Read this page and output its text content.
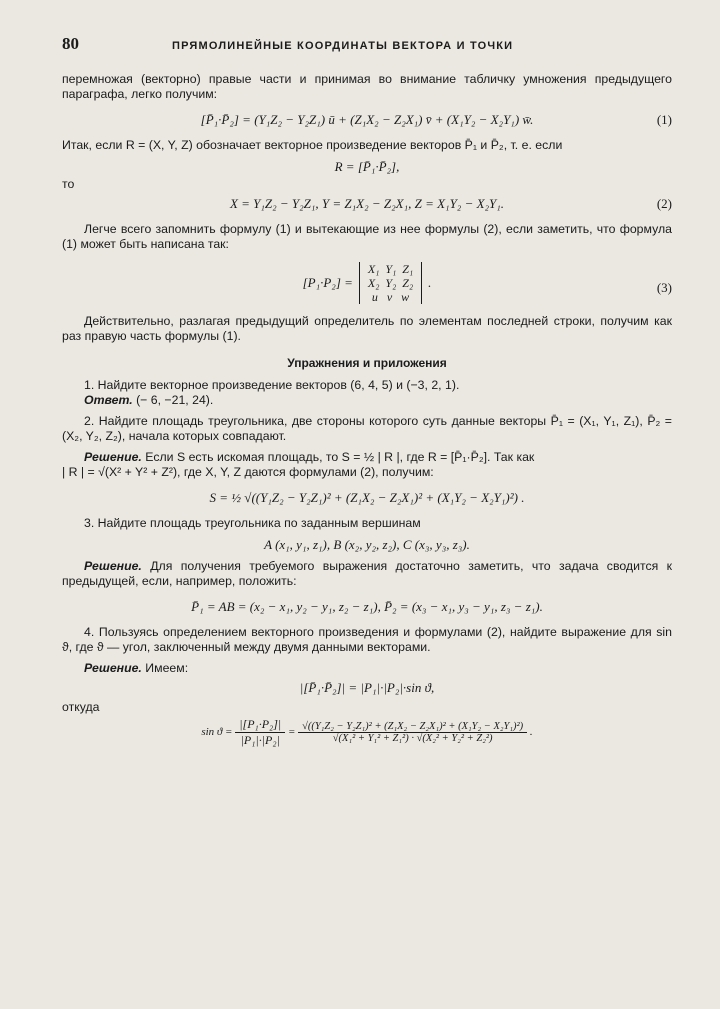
80	ПРЯМОЛИНЕЙНЫЕ КООРДИНАТЫ ВЕКТОРА И ТОЧКИ

перемножая (векторно) правые части и принимая во внимание табличку умножения предыдущего параграфа, легко получим:

[P̄₁·P̄₂] = (Y₁Z₂ − Y₂Z₁) ū + (Z₁X₂ − Z₂X₁) v̄ + (X₁Y₂ − X₂Y₁) w̄.	(1)

Итак, если R = (X, Y, Z) обозначает векторное произведение векторов P̄₁ и P̄₂, т. е. если

R = [P̄₁·P̄₂],

то

X = Y₁Z₂ − Y₂Z₁, Y = Z₁X₂ − Z₂X₁, Z = X₁Y₂ − X₂Y₁.	(2)

Легче всего запомнить формулу (1) и вытекающие из нее формулы (2), если заметить, что формула (1) может быть написана так:

[P₁·P₂] =
X₁ Y₁ Z₁
X₂ Y₂ Z₂
u v w
.	(3)

Действительно, разлагая предыдущий определитель по элементам последней строки, получим как раз правую часть формулы (1).

Упражнения и приложения

1. Найдите векторное произведение векторов (6, 4, 5) и (−3, 2, 1).

Ответ. (− 6, −21, 24).

2. Найдите площадь треугольника, две стороны которого суть данные векторы P̄₁ = (X₁, Y₁, Z₁), P̄₂ = (X₂, Y₂, Z₂), начала которых совпадают.

Решение. Если S есть искомая площадь, то S = ½ | R |, где R = [P̄₁·P̄₂]. Так как

| R | = √(X² + Y² + Z²), где X, Y, Z даются формулами (2), получим:

S = ½ √((Y₁Z₂ − Y₂Z₁)² + (Z₁X₂ − Z₂X₁)² + (X₁Y₂ − X₂Y₁)²) .

3. Найдите площадь треугольника по заданным вершинам

A (x₁, y₁, z₁), B (x₂, y₂, z₂), C (x₃, y₃, z₃).

Решение. Для получения требуемого выражения достаточно заметить, что задача сводится к предыдущей, если, например, положить:

P̄₁ = AB = (x₂ − x₁, y₂ − y₁, z₂ − z₁), P̄₂ = (x₃ − x₁, y₃ − y₁, z₃ − z₁).

4. Пользуясь определением векторного произведения и формулами (2), найдите выражение для sin ϑ, где ϑ — угол, заключенный между двумя данными векторами.

Решение. Имеем:

|[P̄₁·P̄₂]| = |P₁|·|P₂|·sin ϑ,

откуда

$\sin ϑ = \frac{\text{|[P₁·P₂]|}}{\text{|P₁|·|P₂|}} = \frac{\text{√((Y₁Z₂ − Y₂Z₁)² + (Z₁X₂ − Z₂X₁)² + (X₁Y₂ − X₂Y₁)²)}}{\text{√(X₁² + Y₁² + Z₁²) · √(X₂² + Y₂² + Z₂²)}}$ .
